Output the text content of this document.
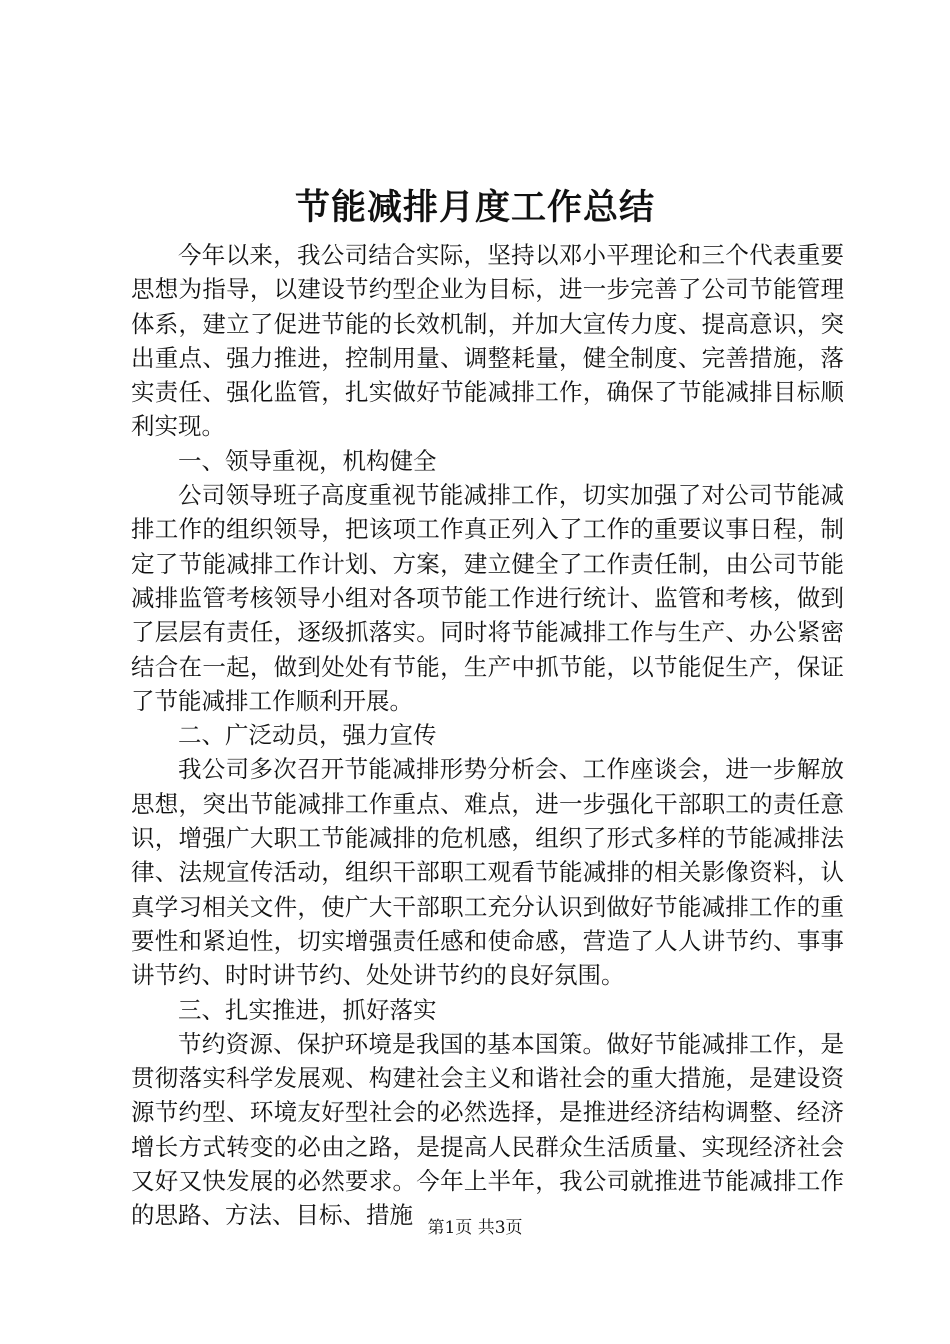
节能减排月度工作总结

今年以来，我公司结合实际，坚持以邓小平理论和三个代表重要思想为指导，以建设节约型企业为目标，进一步完善了公司节能管理体系，建立了促进节能的长效机制，并加大宣传力度、提高意识，突出重点、强力推进，控制用量、调整耗量，健全制度、完善措施，落实责任、强化监管，扎实做好节能减排工作，确保了节能减排目标顺利实现。

一、领导重视，机构健全

公司领导班子高度重视节能减排工作，切实加强了对公司节能减排工作的组织领导，把该项工作真正列入了工作的重要议事日程，制定了节能减排工作计划、方案，建立健全了工作责任制，由公司节能减排监管考核领导小组对各项节能工作进行统计、监管和考核，做到了层层有责任，逐级抓落实。同时将节能减排工作与生产、办公紧密结合在一起，做到处处有节能，生产中抓节能，以节能促生产，保证了节能减排工作顺利开展。

二、广泛动员，强力宣传

我公司多次召开节能减排形势分析会、工作座谈会，进一步解放思想，突出节能减排工作重点、难点，进一步强化干部职工的责任意识，增强广大职工节能减排的危机感，组织了形式多样的节能减排法律、法规宣传活动，组织干部职工观看节能减排的相关影像资料，认真学习相关文件，使广大干部职工充分认识到做好节能减排工作的重要性和紧迫性，切实增强责任感和使命感，营造了人人讲节约、事事讲节约、时时讲节约、处处讲节约的良好氛围。

三、扎实推进，抓好落实

节约资源、保护环境是我国的基本国策。做好节能减排工作，是贯彻落实科学发展观、构建社会主义和谐社会的重大措施，是建设资源节约型、环境友好型社会的必然选择，是推进经济结构调整、经济增长方式转变的必由之路，是提高人民群众生活质量、实现经济社会又好又快发展的必然要求。今年上半年，我公司就推进节能减排工作的思路、方法、目标、措施 第1页 共3页
